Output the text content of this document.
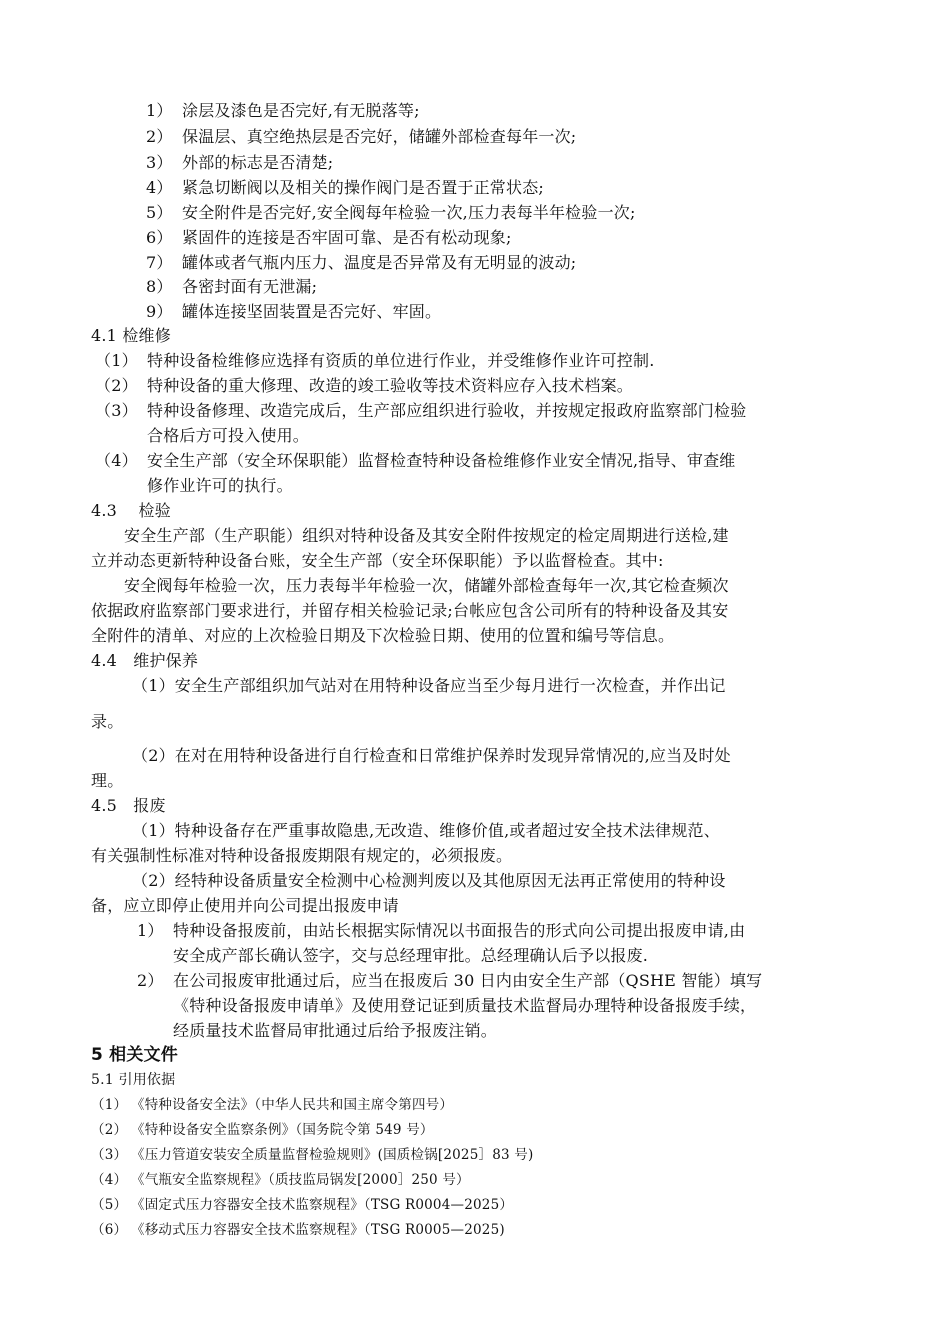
1） 涂层及漆色是否完好,有无脱落等;
2） 保温层、真空绝热层是否完好，储罐外部检查每年一次;
3） 外部的标志是否清楚;
4） 紧急切断阀以及相关的操作阀门是否置于正常状态;
5） 安全附件是否完好,安全阀每年检验一次,压力表每半年检验一次;
6） 紧固件的连接是否牢固可靠、是否有松动现象;
7） 罐体或者气瓶内压力、温度是否异常及有无明显的波动;
8） 各密封面有无泄漏;
9） 罐体连接坚固装置是否完好、牢固。
4.1 检维修
（1） 特种设备检维修应选择有资质的单位进行作业，并受维修作业许可控制.
（2） 特种设备的重大修理、改造的竣工验收等技术资料应存入技术档案。
（3） 特种设备修理、改造完成后，生产部应组织进行验收，并按规定报政府监察部门检验
合格后方可投入使用。
（4） 安全生产部（安全环保职能）监督检查特种设备检维修作业安全情况,指导、审查维
修作业许可的执行。
4.3　 检验
安全生产部（生产职能）组织对特种设备及其安全附件按规定的检定周期进行送检,建
立并动态更新特种设备台账，安全生产部（安全环保职能）予以监督检查。其中:
安全阀每年检验一次，压力表每半年检验一次，储罐外部检查每年一次,其它检查频次
依据政府监察部门要求进行，并留存相关检验记录;台帐应包含公司所有的特种设备及其安
全附件的清单、对应的上次检验日期及下次检验日期、使用的位置和编号等信息。
4.4　维护保养
（1）安全生产部组织加气站对在用特种设备应当至少每月进行一次检查，并作出记
录。
（2）在对在用特种设备进行自行检查和日常维护保养时发现异常情况的,应当及时处
理。
4.5　报废
（1）特种设备存在严重事故隐患,无改造、维修价值,或者超过安全技术法律规范、
有关强制性标准对特种设备报废期限有规定的，必须报废。
（2）经特种设备质量安全检测中心检测判废以及其他原因无法再正常使用的特种设
备，应立即停止使用并向公司提出报废申请
1） 特种设备报废前，由站长根据实际情况以书面报告的形式向公司提出报废申请,由
安全成产部长确认签字，交与总经理审批。总经理确认后予以报废.
2） 在公司报废审批通过后，应当在报废后 30 日内由安全生产部（QSHE 智能）填写
《特种设备报废申请单》及使用登记证到质量技术监督局办理特种设备报废手续，
经质量技术监督局审批通过后给予报废注销。
5 相关文件
5.1 引用依据
（1） 《特种设备安全法》（中华人民共和国主席令第四号）
（2） 《特种设备安全监察条例》（国务院令第 549 号）
（3） 《压力管道安装安全质量监督检验规则》(国质检锅[2025］83 号)
（4） 《气瓶安全监察规程》（质技监局锅发[2000］250 号）
（5） 《固定式压力容器安全技术监察规程》（TSG R0004—2025）
（6） 《移动式压力容器安全技术监察规程》（TSG R0005—2025)
